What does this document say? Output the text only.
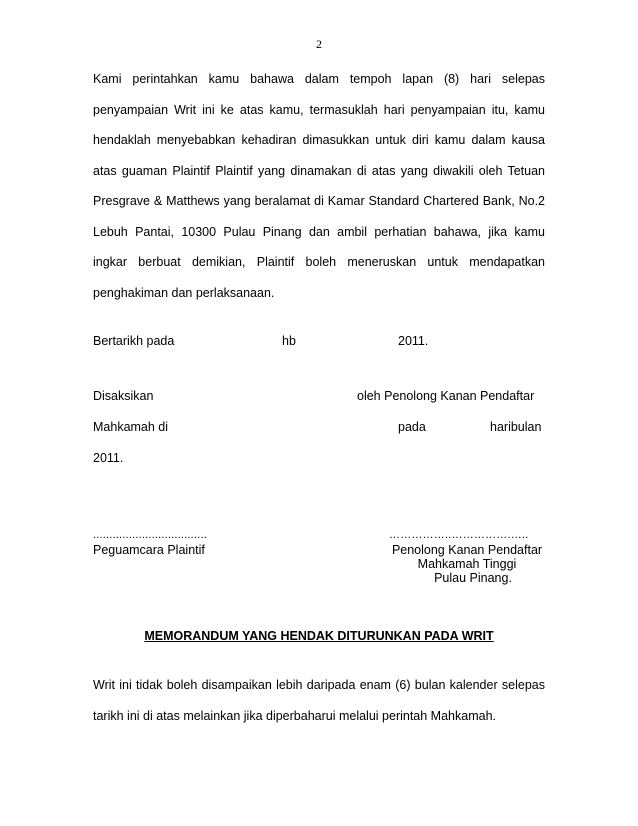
2
Kami perintahkan kamu bahawa dalam tempoh lapan (8) hari selepas
penyampaian Writ ini ke atas kamu, termasuklah hari penyampaian itu, kamu
hendaklah menyebabkan kehadiran dimasukkan untuk diri kamu dalam kausa
atas guaman Plaintif Plaintif yang dinamakan di atas yang diwakili oleh Tetuan
Presgrave & Matthews yang beralamat di Kamar Standard Chartered Bank, No.2
Lebuh Pantai, 10300 Pulau Pinang dan ambil perhatian bahawa, jika kamu
ingkar berbuat demikian, Plaintif boleh meneruskan untuk mendapatkan
penghakiman dan perlaksanaan.
Bertarikh pada	hb	2011.
Disaksikan	oleh Penolong Kanan Pendaftar
Mahkamah di	pada	haribulan
2011.
...................................
Peguamcara Plaintif
……………..…………….…..
Penolong Kanan Pendaftar
Mahkamah Tinggi
Pulau Pinang.
MEMORANDUM YANG HENDAK DITURUNKAN PADA WRIT
Writ ini tidak boleh disampaikan lebih daripada enam (6) bulan kalender selepas
tarikh ini di atas melainkan jika diperbaharui melalui perintah Mahkamah.
